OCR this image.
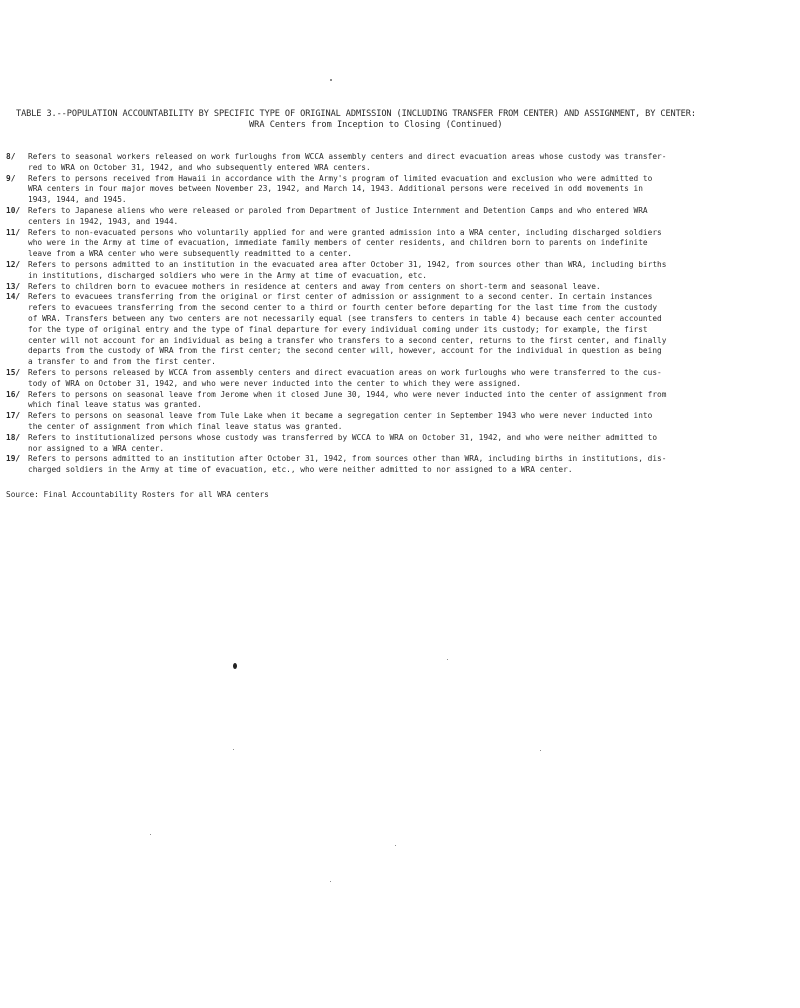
TABLE 3.--POPULATION ACCOUNTABILITY BY SPECIFIC TYPE OF ORIGINAL ADMISSION (INCLUDING TRANSFER FROM CENTER) AND ASSIGNMENT, BY CENTER:
WRA Centers from Inception to Closing (Continued)
8/	Refers to seasonal workers released on work furloughs from WCCA assembly centers and direct evacuation areas whose custody was transfer-
red to WRA on October 31, 1942, and who subsequently entered WRA centers.
9/	Refers to persons received from Hawaii in accordance with the Army's program of limited evacuation and exclusion who were admitted to
WRA centers in four major moves between November 23, 1942, and March 14, 1943. Additional persons were received in odd movements in
1943, 1944, and 1945.
10/	Refers to Japanese aliens who were released or paroled from Department of Justice Internment and Detention Camps and who entered WRA
centers in 1942, 1943, and 1944.
11/	Refers to non-evacuated persons who voluntarily applied for and were granted admission into a WRA center, including discharged soldiers
who were in the Army at time of evacuation, immediate family members of center residents, and children born to parents on indefinite
leave from a WRA center who were subsequently readmitted to a center.
12/	Refers to persons admitted to an institution in the evacuated area after October 31, 1942, from sources other than WRA, including births
in institutions, discharged soldiers who were in the Army at time of evacuation, etc.
13/	Refers to children born to evacuee mothers in residence at centers and away from centers on short-term and seasonal leave.
14/	Refers to evacuees transferring from the original or first center of admission or assignment to a second center. In certain instances
refers to evacuees transferring from the second center to a third or fourth center before departing for the last time from the custody
of WRA. Transfers between any two centers are not necessarily equal (see transfers to centers in table 4) because each center accounted
for the type of original entry and the type of final departure for every individual coming under its custody; for example, the first
center will not account for an individual as being a transfer who transfers to a second center, returns to the first center, and finally
departs from the custody of WRA from the first center; the second center will, however, account for the individual in question as being
a transfer to and from the first center.
15/	Refers to persons released by WCCA from assembly centers and direct evacuation areas on work furloughs who were transferred to the cus-
tody of WRA on October 31, 1942, and who were never inducted into the center to which they were assigned.
16/	Refers to persons on seasonal leave from Jerome when it closed June 30, 1944, who were never inducted into the center of assignment from
which final leave status was granted.
17/	Refers to persons on seasonal leave from Tule Lake when it became a segregation center in September 1943 who were never inducted into
the center of assignment from which final leave status was granted.
18/	Refers to institutionalized persons whose custody was transferred by WCCA to WRA on October 31, 1942, and who were neither admitted to
nor assigned to a WRA center.
19/	Refers to persons admitted to an institution after October 31, 1942, from sources other than WRA, including births in institutions, dis-
charged soldiers in the Army at time of evacuation, etc., who were neither admitted to nor assigned to a WRA center.
Source: Final Accountability Rosters for all WRA centers
